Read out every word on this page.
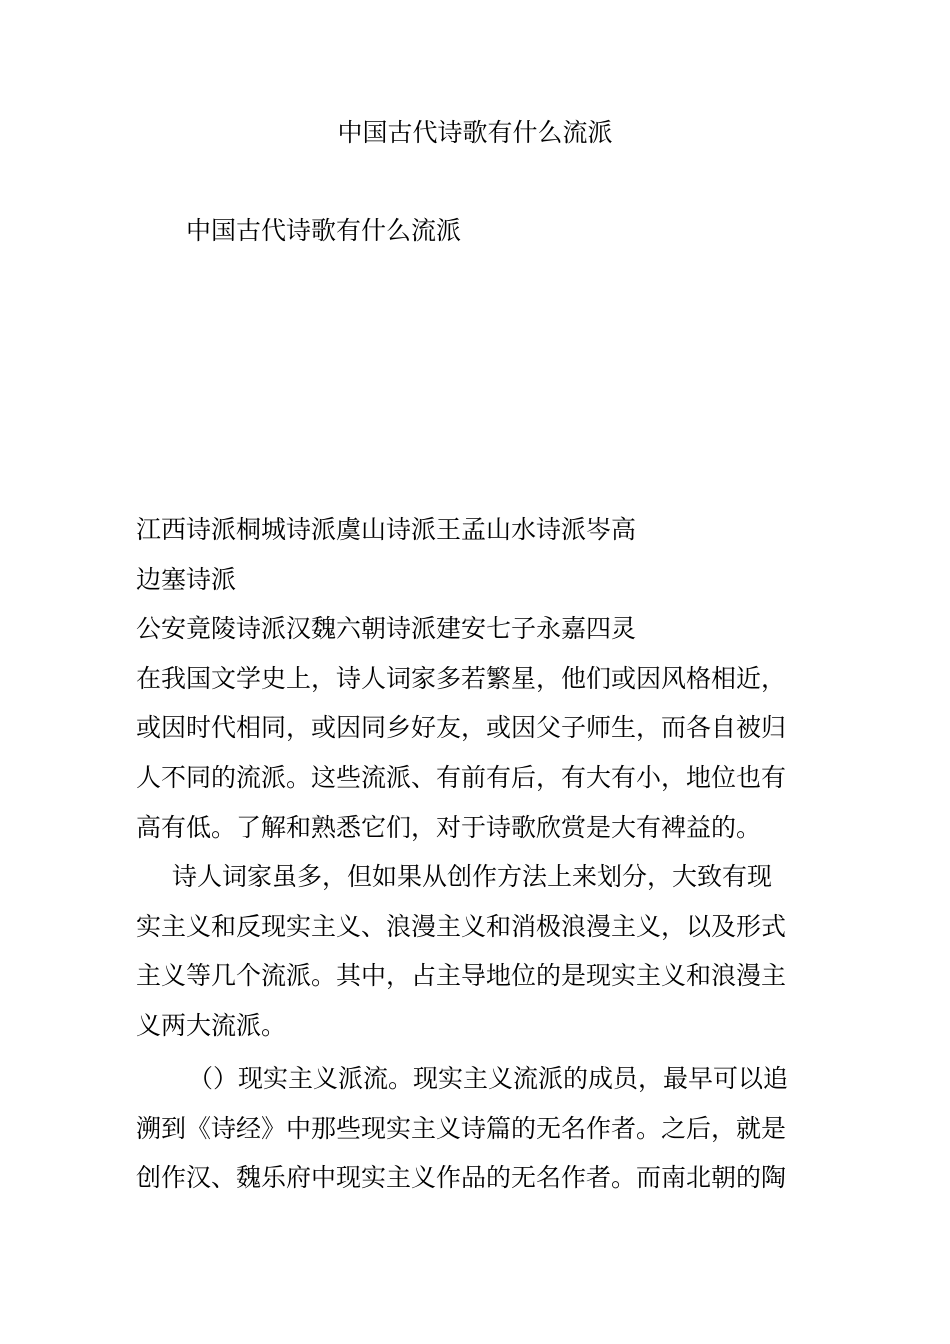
中国古代诗歌有什么流派
中国古代诗歌有什么流派
江西诗派桐城诗派虞山诗派王孟山水诗派岑高
边塞诗派
公安竟陵诗派汉魏六朝诗派建安七子永嘉四灵
在我国文学史上，诗人词家多若繁星，他们或因风格相近，
或因时代相同，或因同乡好友，或因父子师生，而各自被归
人不同的流派。这些流派、有前有后，有大有小，地位也有
高有低。了解和熟悉它们，对于诗歌欣赏是大有裨益的。
诗人词家虽多，但如果从创作方法上来划分，大致有现
实主义和反现实主义、浪漫主义和消极浪漫主义，以及形式
主义等几个流派。其中，占主导地位的是现实主义和浪漫主
义两大流派。
（）现实主义派流。现实主义流派的成员，最早可以追
溯到《诗经》中那些现实主义诗篇的无名作者。之后，就是
创作汉、魏乐府中现实主义作品的无名作者。而南北朝的陶
